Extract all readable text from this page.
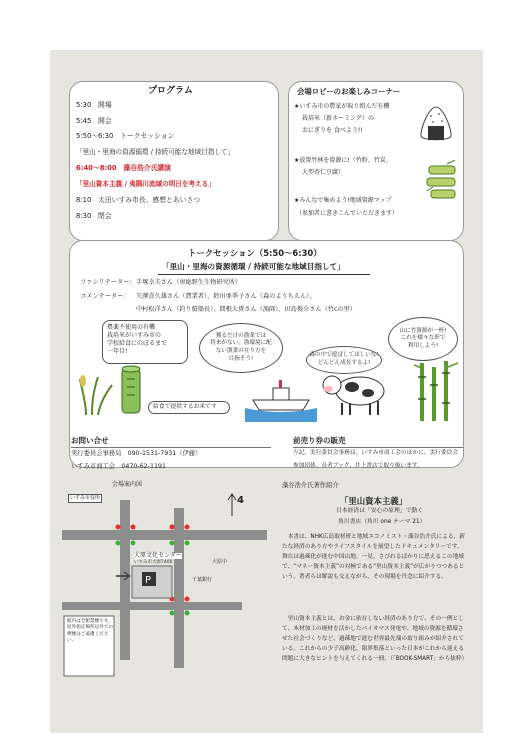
プログラム
5:30　開場
5:45　開会
5:50～6:30　トークセッション
「里山・里海の資源循環 / 持続可能な地域目指して」
6:40～8:00　藻谷浩介氏講演
「里山資本主義 / 夷隅川流域の明日を考える」
8:10　太田いすみ市長、感想とあいさつ
8:30　閉会
会場ロビーのお楽しみコーナー
★いすみ市の農家が取り組んだ有機
栽培米（新ネーミング）の
おにぎりを 食べよう!!
★放置竹林を資源に!（竹粉、竹炭、
大型杏仁豆腐）
★みんなで集めよう!地域資源マップ
（参加者に書きこんでいただきます）
トークセッション（5:50～6:30）
「里山・里海の資源循環 / 持続可能な地域目指して」
ファシリテーター： 手塚幸夫さん（房総野生生物研究所）
コメンテーター： 矢澤喜久雄さん（農業者）、鈴田亜季子さん（森のようちえん）、
中村松洋さん（釣り船船長）、間根大貴さん（漁師）、田島俊介さん（竹cの里）
農薬不使用の有機
栽培米がいすみ市の
学校給食にのぼるまで
一年目!
獲るだけの漁業では
将来がない。漁環境に配
ない漁業の在り方を
目指そう!
森の中で遊ばしてほしいな!
どんどん成長するよ!
山に竹資源が一杯!
これを様々な形で
利用しよう!
給食で提供するお米です
お問い合せ
実行委員会事務局　090-1531-7931（伊藤）
いすみ市商工会　0470-62-1191
前売り券の販売
左記、実行委員会事務局、いすみ市商工会のほかに、実行委員会
参加団体、長者ブック、井上書店で取り扱います。
会場案内図
P
いすみ市役所	4
大原文化センター
いすみ市大原7400	大原中
千葉銀行
館内は全館禁煙です。屋外指定場所以外での喫煙はご遠慮ください。
藻谷浩介氏著作紹介
「里山資本主義」
日本経済は「安心の原理」で動く
角川書店（角川 one テーマ 21）

本書は、NHK広島取材班と地域エコノミスト・藻谷浩介氏による、新たな経済のあり方やライフスタイルを展望したドキュメンタリーです。舞台は過疎化が進む中国山地。一見、さびれるばかりに思えるこの地域で、“マネー資本主義”の対極である“里山資本主義”が広がりつつあるという。著者らは解説も交えながら、その現場を丹念に紹介する。

里山資本主義とは、お金に依存しない経済のあり方で、その一例として、木材加工の廃材を活かしたバイオマス発電や、地域の資源を循環させた社会づくりなど、過疎地で進む世界最先端の取り組みが紹介されている。これからの少子高齢化、限界集落といった日本がこれから迎える問題に大きなヒントを与えてくれる一冊。（「BOOK-SMART」から抜粋）
